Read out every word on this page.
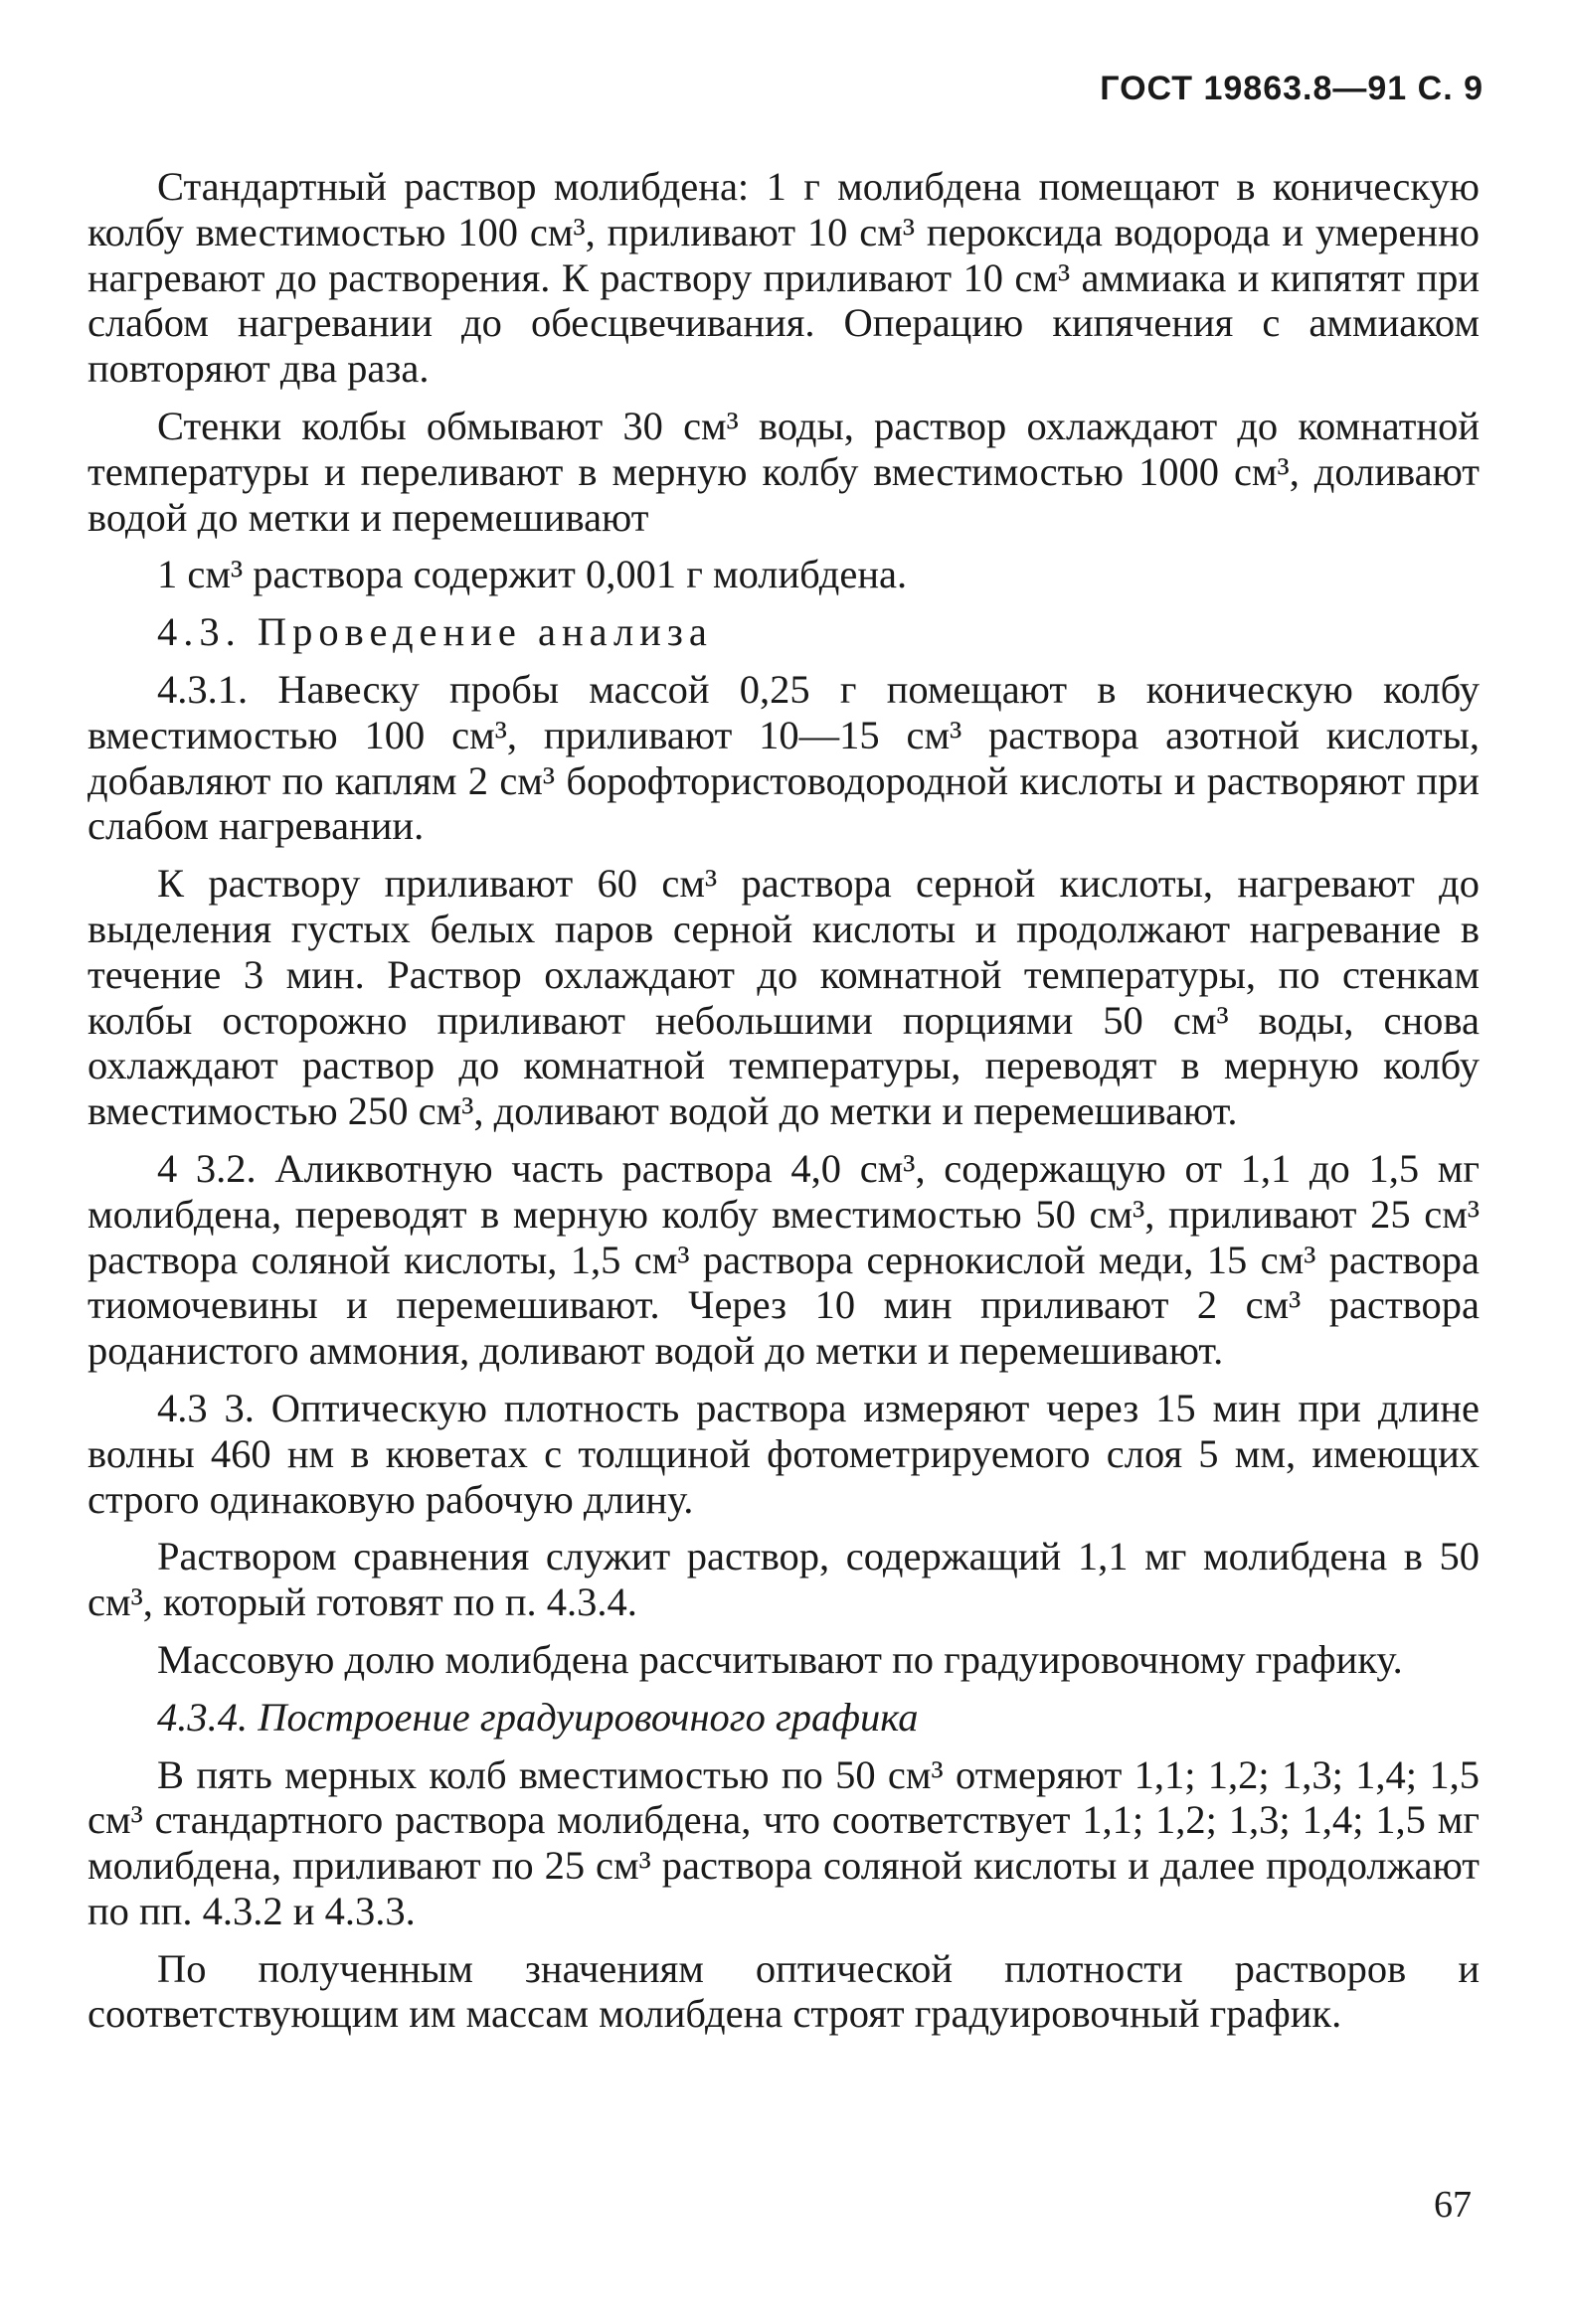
ГОСТ 19863.8—91 С. 9

Стандартный раствор молибдена: 1 г молибдена помещают в коническую колбу вместимостью 100 см³, приливают 10 см³ пероксида водорода и умеренно нагревают до растворения. К раствору приливают 10 см³ аммиака и кипятят при слабом нагревании до обесцвечивания. Операцию кипячения с аммиаком повторяют два раза.

Стенки колбы обмывают 30 см³ воды, раствор охлаждают до комнатной температуры и переливают в мерную колбу вместимостью 1000 см³, доливают водой до метки и перемешивают

1 см³ раствора содержит 0,001 г молибдена.

4.3. Проведение анализа

4.3.1. Навеску пробы массой 0,25 г помещают в коническую колбу вместимостью 100 см³, приливают 10—15 см³ раствора азотной кислоты, добавляют по каплям 2 см³ борофтористоводородной кислоты и растворяют при слабом нагревании.

К раствору приливают 60 см³ раствора серной кислоты, нагревают до выделения густых белых паров серной кислоты и продолжают нагревание в течение 3 мин. Раствор охлаждают до комнатной температуры, по стенкам колбы осторожно приливают небольшими порциями 50 см³ воды, снова охлаждают раствор до комнатной температуры, переводят в мерную колбу вместимостью 250 см³, доливают водой до метки и перемешивают.

4 3.2. Аликвотную часть раствора 4,0 см³, содержащую от 1,1 до 1,5 мг молибдена, переводят в мерную колбу вместимостью 50 см³, приливают 25 см³ раствора соляной кислоты, 1,5 см³ раствора сернокислой меди, 15 см³ раствора тиомочевины и перемешивают. Через 10 мин приливают 2 см³ раствора роданистого аммония, доливают водой до метки и перемешивают.

4.3 3. Оптическую плотность раствора измеряют через 15 мин при длине волны 460 нм в кюветах с толщиной фотометрируемого слоя 5 мм, имеющих строго одинаковую рабочую длину.

Раствором сравнения служит раствор, содержащий 1,1 мг молибдена в 50 см³, который готовят по п. 4.3.4.

Массовую долю молибдена рассчитывают по градуировочному графику.

4.3.4. Построение градуировочного графика

В пять мерных колб вместимостью по 50 см³ отмеряют 1,1; 1,2; 1,3; 1,4; 1,5 см³ стандартного раствора молибдена, что соответствует 1,1; 1,2; 1,3; 1,4; 1,5 мг молибдена, приливают по 25 см³ раствора соляной кислоты и далее продолжают по пп. 4.3.2 и 4.3.3.

По полученным значениям оптической плотности растворов и соответствующим им массам молибдена строят градуировочный график.

67
